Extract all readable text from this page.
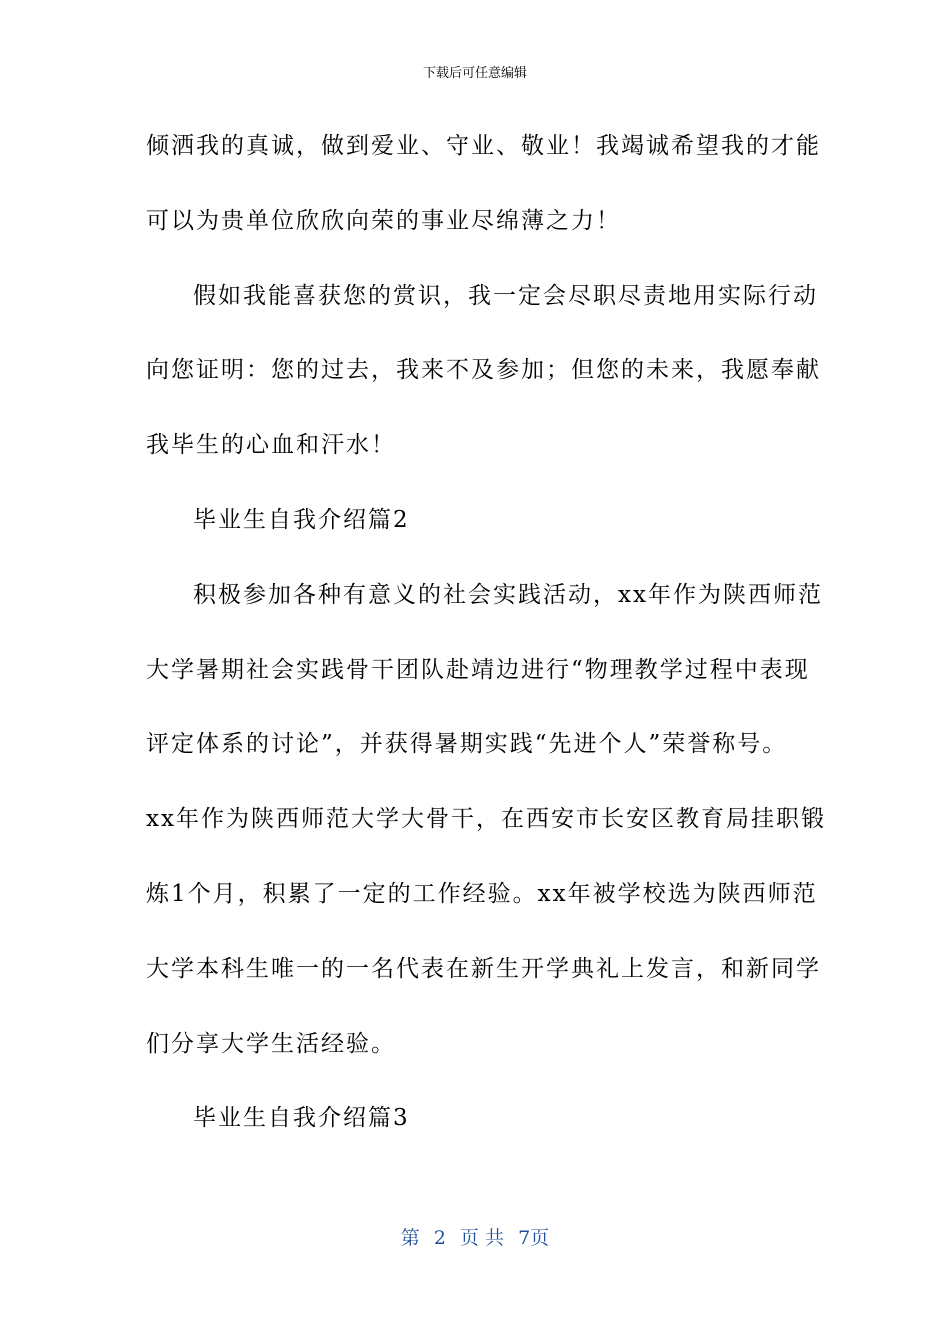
下载后可任意编辑
倾洒我的真诚，做到爱业、守业、敬业！我竭诚希望我的才能
可以为贵单位欣欣向荣的事业尽绵薄之力！
假如我能喜获您的赏识，我一定会尽职尽责地用实际行动
向您证明：您的过去，我来不及参加；但您的未来，我愿奉献
我毕生的心血和汗水！
毕业生自我介绍篇2
积极参加各种有意义的社会实践活动，xx年作为陕西师范
大学暑期社会实践骨干团队赴靖边进行“物理教学过程中表现
评定体系的讨论”，并获得暑期实践“先进个人”荣誉称号。
xx年作为陕西师范大学大骨干，在西安市长安区教育局挂职锻
炼1个月，积累了一定的工作经验。xx年被学校选为陕西师范
大学本科生唯一的一名代表在新生开学典礼上发言，和新同学
们分享大学生活经验。
毕业生自我介绍篇3
第 2 页 共 7页
